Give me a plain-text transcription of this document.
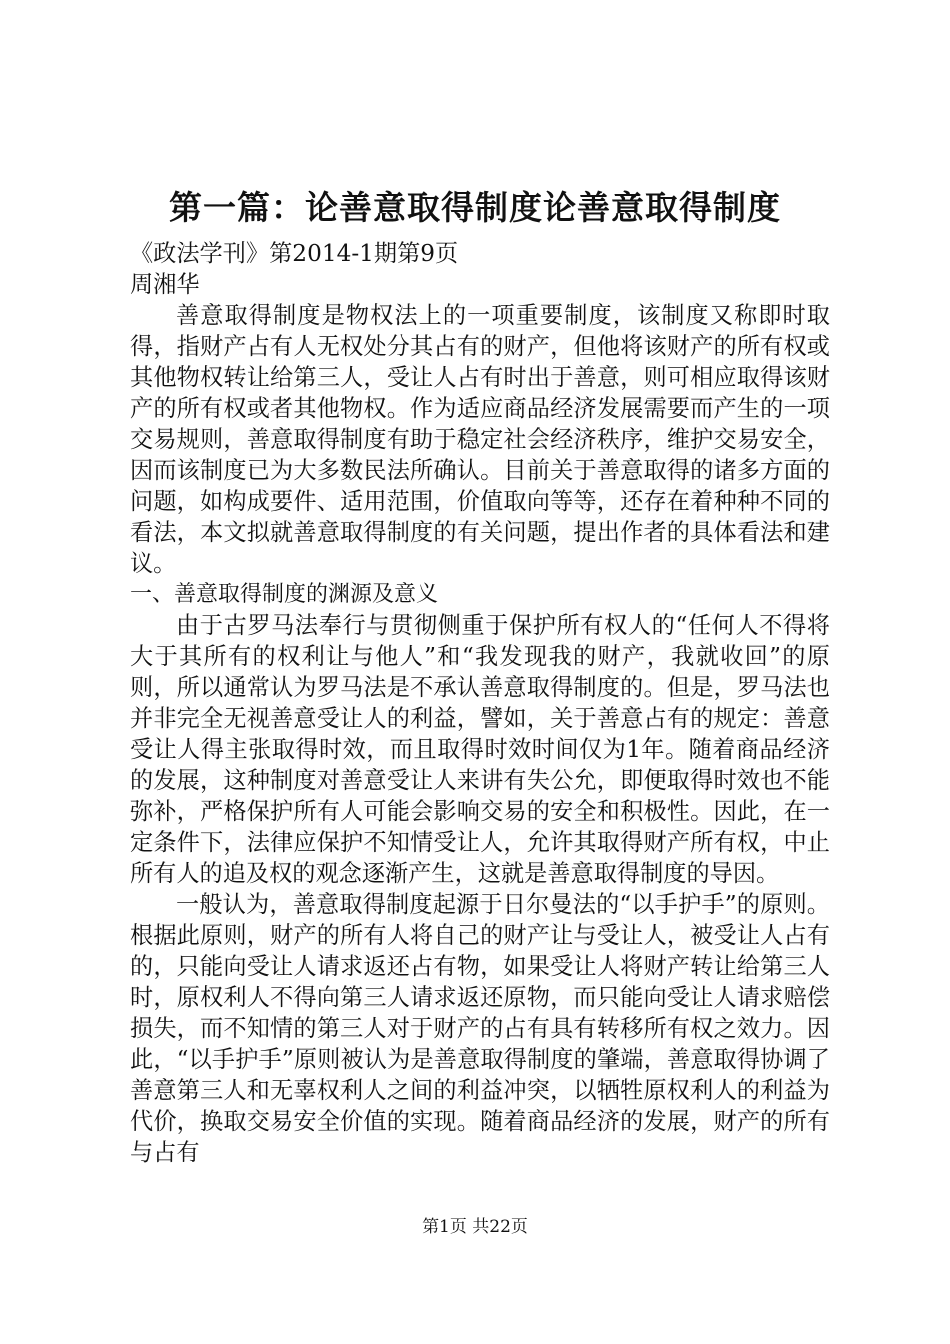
第一篇：论善意取得制度论善意取得制度

《政法学刊》第2014-1期第9页

周湘华

善意取得制度是物权法上的一项重要制度，该制度又称即时取得，指财产占有人无权处分其占有的财产，但他将该财产的所有权或其他物权转让给第三人，受让人占有时出于善意，则可相应取得该财产的所有权或者其他物权。作为适应商品经济发展需要而产生的一项交易规则，善意取得制度有助于稳定社会经济秩序，维护交易安全，因而该制度已为大多数民法所确认。目前关于善意取得的诸多方面的问题，如构成要件、适用范围，价值取向等等，还存在着种种不同的看法，本文拟就善意取得制度的有关问题，提出作者的具体看法和建议。

一、善意取得制度的渊源及意义

由于古罗马法奉行与贯彻侧重于保护所有权人的“任何人不得将大于其所有的权利让与他人”和“我发现我的财产，我就收回”的原则，所以通常认为罗马法是不承认善意取得制度的。但是，罗马法也并非完全无视善意受让人的利益，譬如，关于善意占有的规定：善意受让人得主张取得时效，而且取得时效时间仅为1年。随着商品经济的发展，这种制度对善意受让人来讲有失公允，即便取得时效也不能弥补，严格保护所有人可能会影响交易的安全和积极性。因此，在一定条件下，法律应保护不知情受让人，允许其取得财产所有权，中止所有人的追及权的观念逐渐产生，这就是善意取得制度的导因。

一般认为，善意取得制度起源于日尔曼法的“以手护手”的原则。根据此原则，财产的所有人将自己的财产让与受让人，被受让人占有的，只能向受让人请求返还占有物，如果受让人将财产转让给第三人时，原权利人不得向第三人请求返还原物，而只能向受让人请求赔偿损失，而不知情的第三人对于财产的占有具有转移所有权之效力。因此，“以手护手”原则被认为是善意取得制度的肇端，善意取得协调了善意第三人和无辜权利人之间的利益冲突，以牺牲原权利人的利益为代价，换取交易安全价值的实现。随着商品经济的发展，财产的所有与占有

第1页 共22页
